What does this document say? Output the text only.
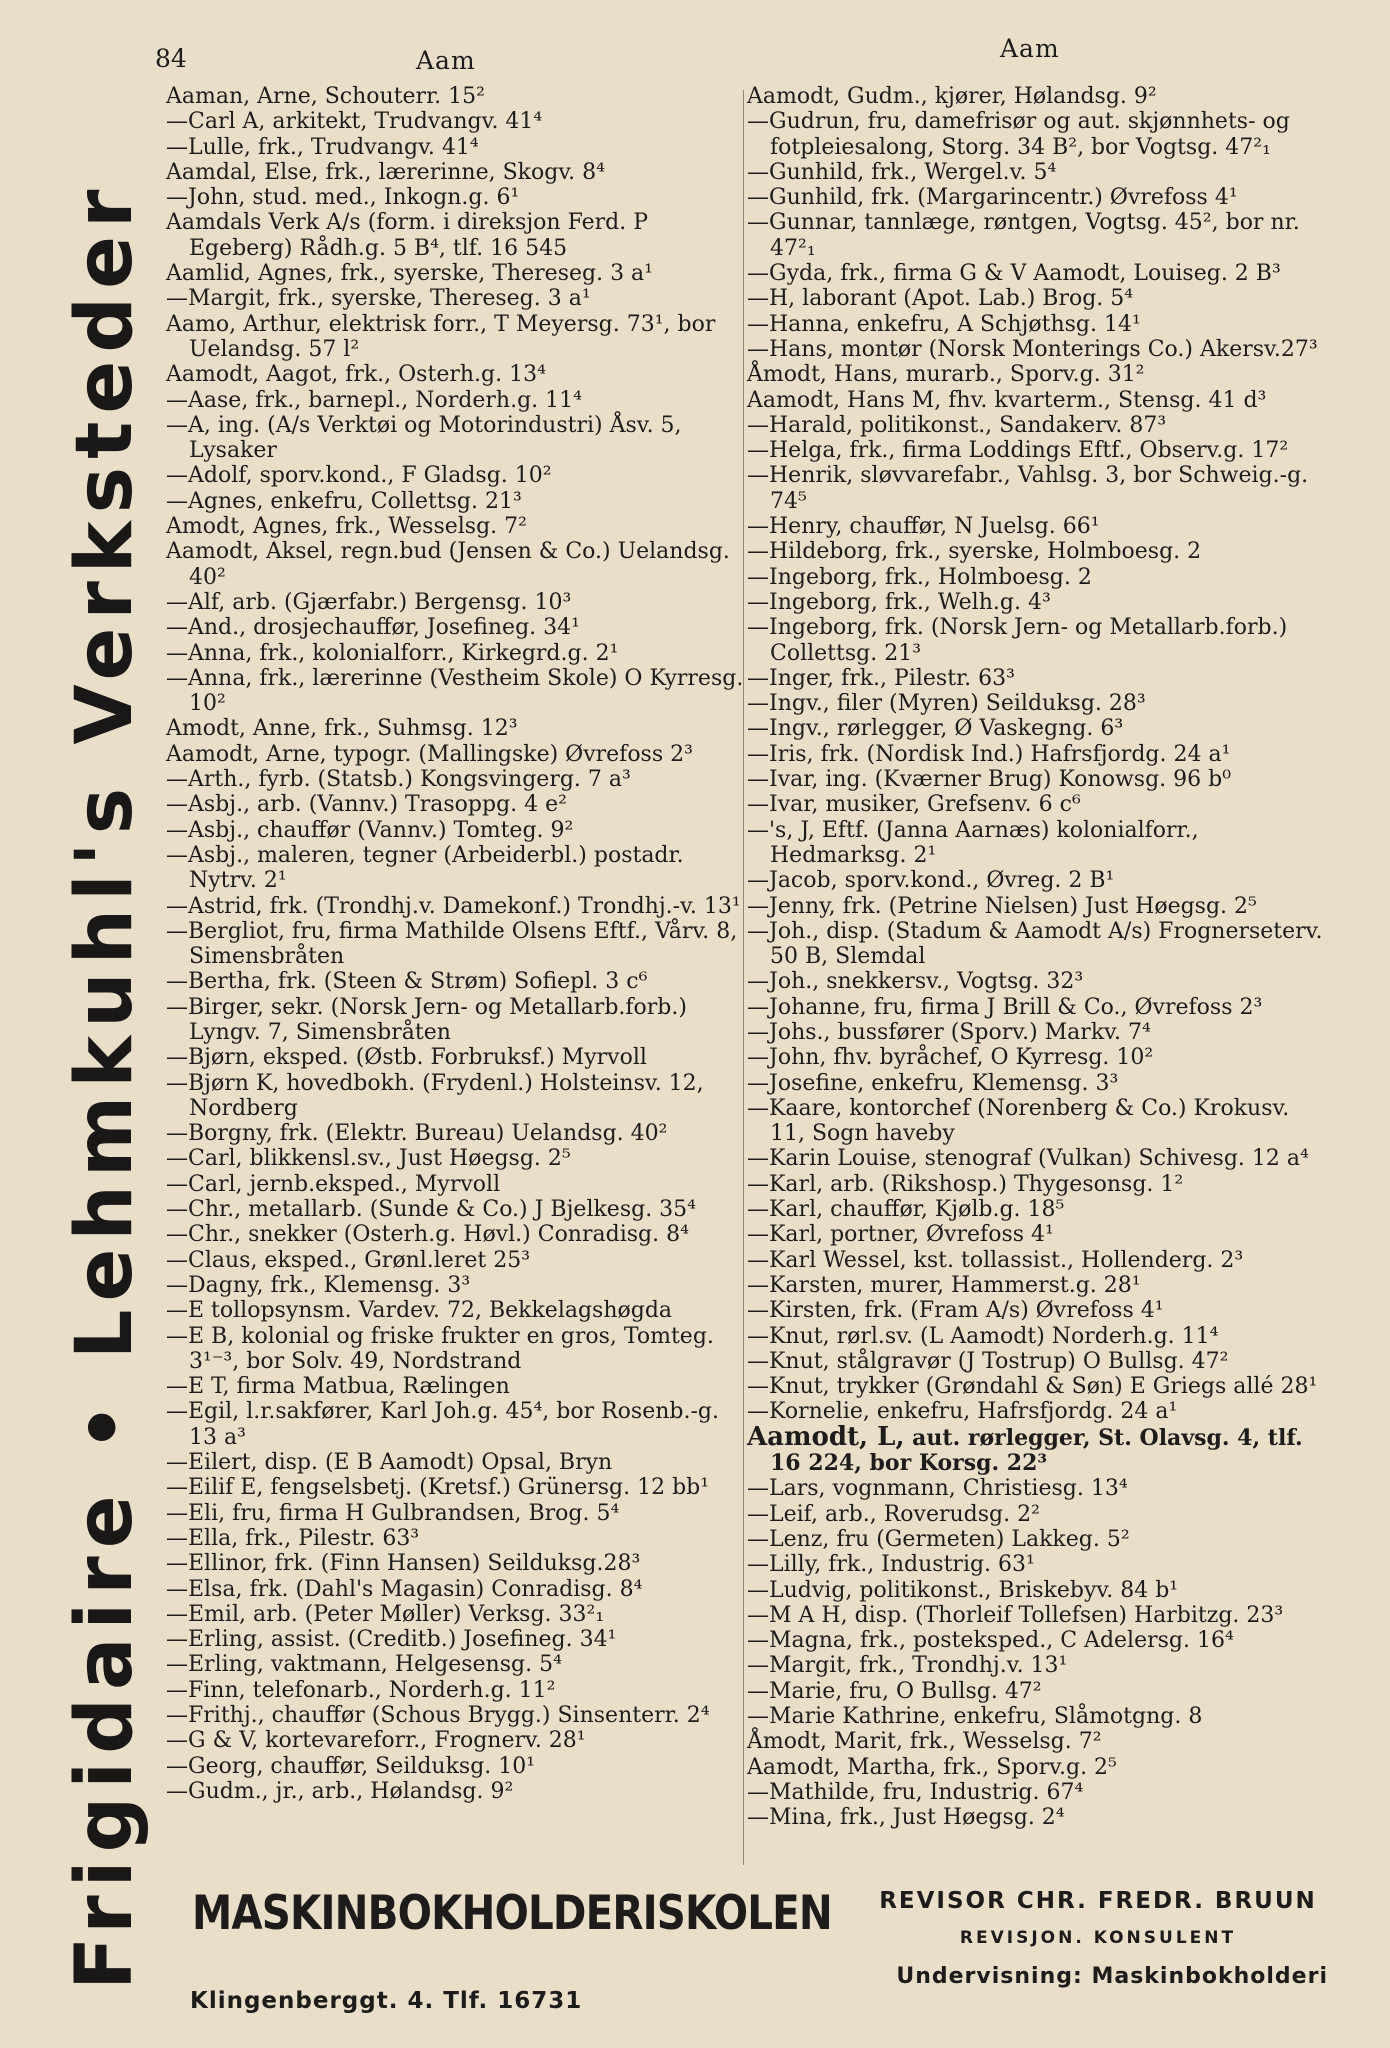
84	Aam	Aam
Frigidaire • Lehmkuhl's Verksteder
Aaman, Arne, Schouterr. 15²
—Carl A, arkitekt, Trudvangv. 41⁴
—Lulle, frk., Trudvangv. 41⁴
Aamdal, Else, frk., lærerinne, Skogv. 8⁴
—John, stud. med., Inkogn.g. 6¹
Aamdals Verk A/s (form. i direksjon Ferd. P Egeberg) Rådh.g. 5 B⁴, tlf. 16 545
Aamlid, Agnes, frk., syerske, Thereseg. 3 a¹
—Margit, frk., syerske, Thereseg. 3 a¹
Aamo, Arthur, elektrisk forr., T Meyersg. 73¹, bor Uelandsg. 57 l²
Aamodt, Aagot, frk., Osterh.g. 13⁴
—Aase, frk., barnepl., Norderh.g. 11⁴
—A, ing. (A/s Verktøi og Motorindustri) Åsv. 5, Lysaker
—Adolf, sporv.kond., F Gladsg. 10²
—Agnes, enkefru, Collettsg. 21³
Amodt, Agnes, frk., Wesselsg. 7²
Aamodt, Aksel, regn.bud (Jensen & Co.) Uelandsg. 40²
—Alf, arb. (Gjærfabr.) Bergensg. 10³
—And., drosjechauffør, Josefineg. 34¹
—Anna, frk., kolonialforr., Kirkegrd.g. 2¹
—Anna, frk., lærerinne (Vestheim Skole) O Kyrresg. 10²
Amodt, Anne, frk., Suhmsg. 12³
Aamodt, Arne, typogr. (Mallingske) Øvrefoss 2³
—Arth., fyrb. (Statsb.) Kongsvingerg. 7 a³
—Asbj., arb. (Vannv.) Trasoppg. 4 e²
—Asbj., chauffør (Vannv.) Tomteg. 9²
—Asbj., maleren, tegner (Arbeiderbl.) postadr. Nytrv. 2¹
—Astrid, frk. (Trondhj.v. Damekonf.) Trondhj.-v. 13¹
—Bergliot, fru, firma Mathilde Olsens Eftf., Vårv. 8, Simensbråten
—Bertha, frk. (Steen & Strøm) Sofiepl. 3 c⁶
—Birger, sekr. (Norsk Jern- og Metallarb.forb.) Lyngv. 7, Simensbråten
—Bjørn, eksped. (Østb. Forbruksf.) Myrvoll
—Bjørn K, hovedbokh. (Frydenl.) Holsteinsv. 12, Nordberg
—Borgny, frk. (Elektr. Bureau) Uelandsg. 40²
—Carl, blikkensl.sv., Just Høegsg. 2⁵
—Carl, jernb.eksped., Myrvoll
—Chr., metallarb. (Sunde & Co.) J Bjelkesg. 35⁴
—Chr., snekker (Osterh.g. Høvl.) Conradisg. 8⁴
—Claus, eksped., Grønl.leret 25³
—Dagny, frk., Klemensg. 3³
—E tollopsynsm. Vardev. 72, Bekkelagshøgda
—E B, kolonial og friske frukter en gros, Tomteg. 3¹⁻³, bor Solv. 49, Nordstrand
—E T, firma Matbua, Rælingen
—Egil, l.r.sakfører, Karl Joh.g. 45⁴, bor Rosenb.-g. 13 a³
—Eilert, disp. (E B Aamodt) Opsal, Bryn
—Eilif E, fengselsbetj. (Kretsf.) Grünersg. 12 bb¹
—Eli, fru, firma H Gulbrandsen, Brog. 5⁴
—Ella, frk., Pilestr. 63³
—Ellinor, frk. (Finn Hansen) Seilduksg.28³
—Elsa, frk. (Dahl's Magasin) Conradisg. 8⁴
—Emil, arb. (Peter Møller) Verksg. 33²₁
—Erling, assist. (Creditb.) Josefineg. 34¹
—Erling, vaktmann, Helgesensg. 5⁴
—Finn, telefonarb., Norderh.g. 11²
—Frithj., chauffør (Schous Brygg.) Sinsenterr. 2⁴
—G & V, kortevareforr., Frognerv. 28¹
—Georg, chauffør, Seilduksg. 10¹
—Gudm., jr., arb., Hølandsg. 9²
Aamodt, Gudm., kjører, Hølandsg. 9²
—Gudrun, fru, damefrisør og aut. skjønnhets- og fotpleiesalong, Storg. 34 B², bor Vogtsg. 47²₁
—Gunhild, frk., Wergel.v. 5⁴
—Gunhild, frk. (Margarincentr.) Øvrefoss 4¹
—Gunnar, tannlæge, røntgen, Vogtsg. 45², bor nr. 47²₁
—Gyda, frk., firma G & V Aamodt, Louiseg. 2 B³
—H, laborant (Apot. Lab.) Brog. 5⁴
—Hanna, enkefru, A Schjøthsg. 14¹
—Hans, montør (Norsk Monterings Co.) Akersv.27³
Åmodt, Hans, murarb., Sporv.g. 31²
Aamodt, Hans M, fhv. kvarterm., Stensg. 41 d³
—Harald, politikonst., Sandakerv. 87³
—Helga, frk., firma Loddings Eftf., Observ.g. 17²
—Henrik, sløvvarefabr., Vahlsg. 3, bor Schweig.-g. 74⁵
—Henry, chauffør, N Juelsg. 66¹
—Hildeborg, frk., syerske, Holmboesg. 2
—Ingeborg, frk., Holmboesg. 2
—Ingeborg, frk., Welh.g. 4³
—Ingeborg, frk. (Norsk Jern- og Metallarb.forb.) Collettsg. 21³
—Inger, frk., Pilestr. 63³
—Ingv., filer (Myren) Seilduksg. 28³
—Ingv., rørlegger, Ø Vaskegng. 6³
—Iris, frk. (Nordisk Ind.) Hafrsfjordg. 24 a¹
—Ivar, ing. (Kværner Brug) Konowsg. 96 b⁰
—Ivar, musiker, Grefsenv. 6 c⁶
—'s, J, Eftf. (Janna Aarnæs) kolonialforr., Hedmarksg. 2¹
—Jacob, sporv.kond., Øvreg. 2 B¹
—Jenny, frk. (Petrine Nielsen) Just Høegsg. 2⁵
—Joh., disp. (Stadum & Aamodt A/s) Frognerseterv. 50 B, Slemdal
—Joh., snekkersv., Vogtsg. 32³
—Johanne, fru, firma J Brill & Co., Øvrefoss 2³
—Johs., bussfører (Sporv.) Markv. 7⁴
—John, fhv. byråchef, O Kyrresg. 10²
—Josefine, enkefru, Klemensg. 3³
—Kaare, kontorchef (Norenberg & Co.) Krokusv. 11, Sogn haveby
—Karin Louise, stenograf (Vulkan) Schivesg. 12 a⁴
—Karl, arb. (Rikshosp.) Thygesonsg. 1²
—Karl, chauffør, Kjølb.g. 18⁵
—Karl, portner, Øvrefoss 4¹
—Karl Wessel, kst. tollassist., Hollenderg. 2³
—Karsten, murer, Hammerst.g. 28¹
—Kirsten, frk. (Fram A/s) Øvrefoss 4¹
—Knut, rørl.sv. (L Aamodt) Norderh.g. 11⁴
—Knut, stålgravør (J Tostrup) O Bullsg. 47²
—Knut, trykker (Grøndahl & Søn) E Griegs allé 28¹
—Kornelie, enkefru, Hafrsfjordg. 24 a¹
Aamodt, L, aut. rørlegger, St. Olavsg. 4, tlf. 16 224, bor Korsg. 22³
—Lars, vognmann, Christiesg. 13⁴
—Leif, arb., Roverudsg. 2²
—Lenz, fru (Germeten) Lakkeg. 5²
—Lilly, frk., Industrig. 63¹
—Ludvig, politikonst., Briskebyv. 84 b¹
—M A H, disp. (Thorleif Tollefsen) Harbitzg. 23³
—Magna, frk., posteksped., C Adelersg. 16⁴
—Margit, frk., Trondhj.v. 13¹
—Marie, fru, O Bullsg. 47²
—Marie Kathrine, enkefru, Slåmotgng. 8
Åmodt, Marit, frk., Wesselsg. 7²
Aamodt, Martha, frk., Sporv.g. 2⁵
—Mathilde, fru, Industrig. 67⁴
—Mina, frk., Just Høegsg. 2⁴
MASKINBOKHOLDERISKOLEN
Klingenberggt. 4. Tlf. 16731
REVISOR CHR. FREDR. BRUUN
REVISJON. KONSULENT
Undervisning: Maskinbokholderi
